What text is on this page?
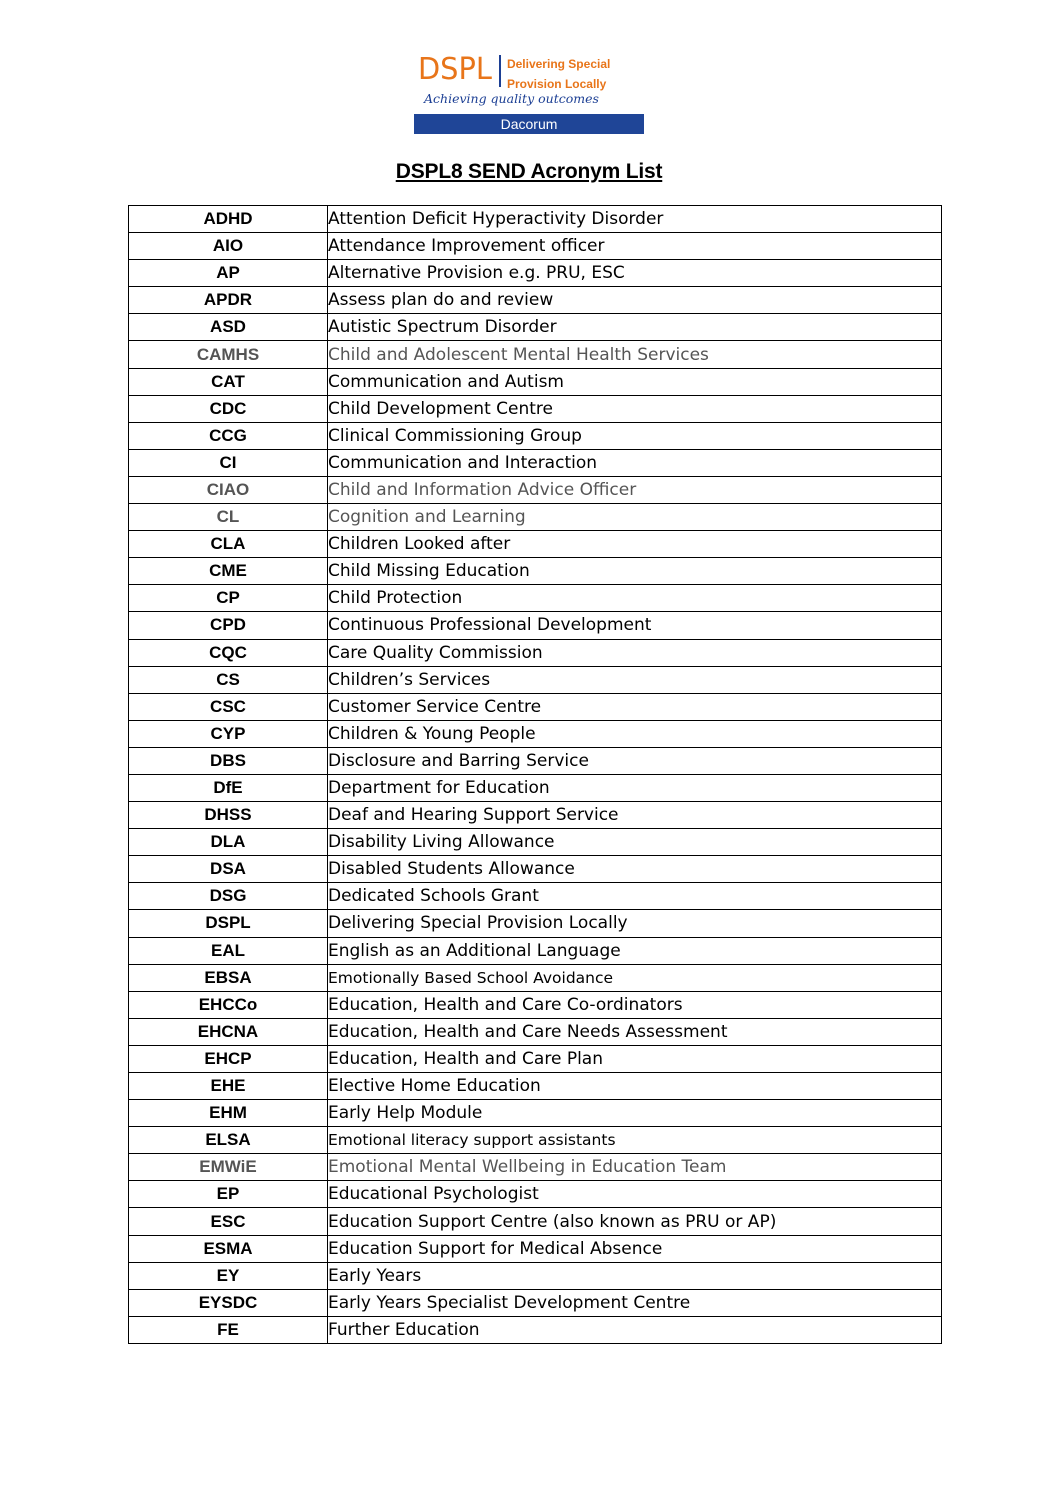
DSPL Delivering Special
Provision Locally
Achieving quality outcomes
Dacorum
DSPL8 SEND Acronym List
ADHD	Attention Deficit Hyperactivity Disorder
AIO	Attendance Improvement officer
AP	Alternative Provision e.g. PRU, ESC
APDR	Assess plan do and review
ASD	Autistic Spectrum Disorder
CAMHS	Child and Adolescent Mental Health Services
CAT	Communication and Autism
CDC	Child Development Centre
CCG	Clinical Commissioning Group
CI	Communication and Interaction
CIAO	Child and Information Advice Officer
CL	Cognition and Learning
CLA	Children Looked after
CME	Child Missing Education
CP	Child Protection
CPD	Continuous Professional Development
CQC	Care Quality Commission
CS	Children’s Services
CSC	Customer Service Centre
CYP	Children & Young People
DBS	Disclosure and Barring Service
DfE	Department for Education
DHSS	Deaf and Hearing Support Service
DLA	Disability Living Allowance
DSA	Disabled Students Allowance
DSG	Dedicated Schools Grant
DSPL	Delivering Special Provision Locally
EAL	English as an Additional Language
EBSA	Emotionally Based School Avoidance
EHCCo	Education, Health and Care Co-ordinators
EHCNA	Education, Health and Care Needs Assessment
EHCP	Education, Health and Care Plan
EHE	Elective Home Education
EHM	Early Help Module
ELSA	Emotional literacy support assistants
EMWiE	Emotional Mental Wellbeing in Education Team
EP	Educational Psychologist
ESC	Education Support Centre (also known as PRU or AP)
ESMA	Education Support for Medical Absence
EY	Early Years
EYSDC	Early Years Specialist Development Centre
FE	Further Education
